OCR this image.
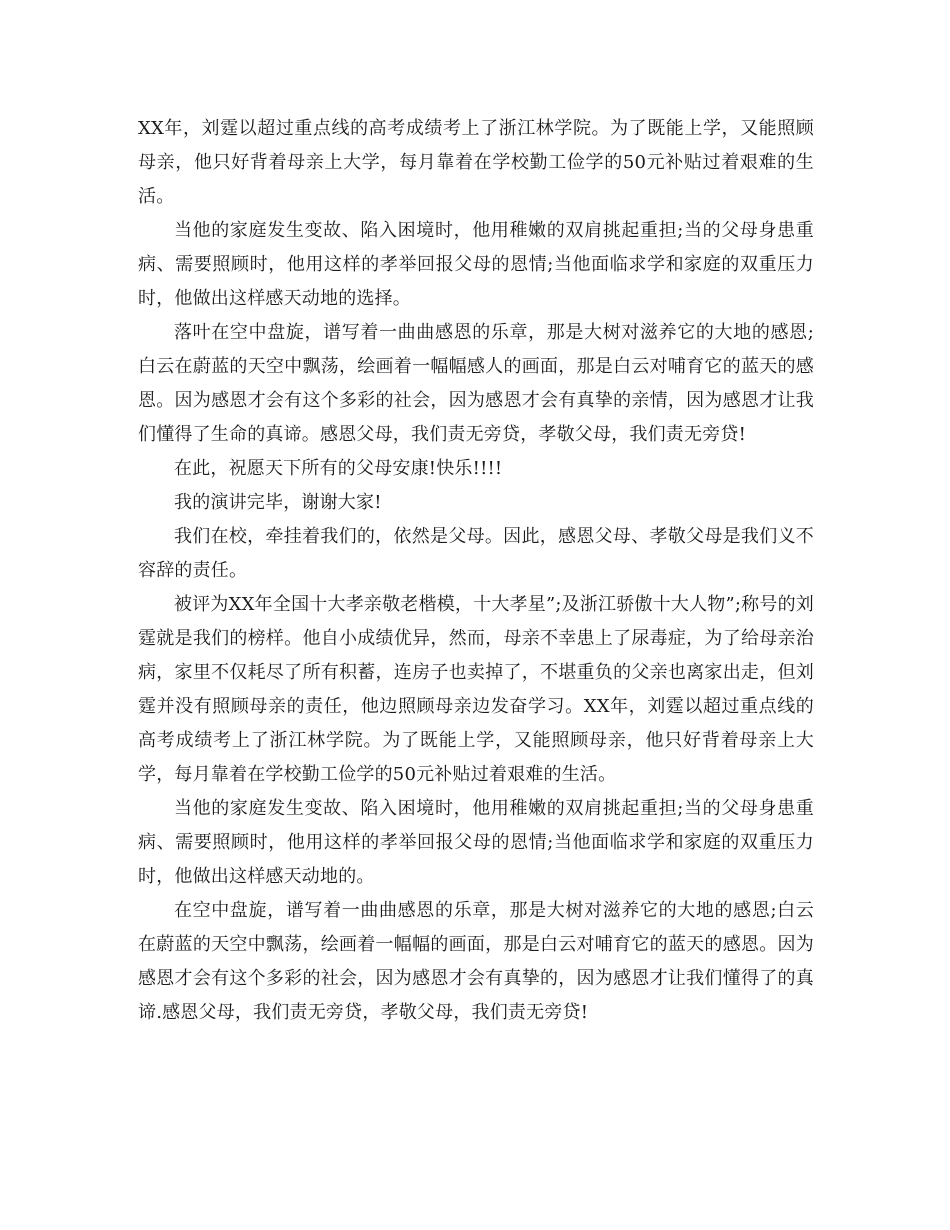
XX年，刘霆以超过重点线的高考成绩考上了浙江林学院。为了既能上学，又能照顾母亲，他只好背着母亲上大学，每月靠着在学校勤工俭学的50元补贴过着艰难的生活。

当他的家庭发生变故、陷入困境时，他用稚嫩的双肩挑起重担;当的父母身患重病、需要照顾时，他用这样的孝举回报父母的恩情;当他面临求学和家庭的双重压力时，他做出这样感天动地的选择。

落叶在空中盘旋，谱写着一曲曲感恩的乐章，那是大树对滋养它的大地的感恩;白云在蔚蓝的天空中飘荡，绘画着一幅幅感人的画面，那是白云对哺育它的蓝天的感恩。因为感恩才会有这个多彩的社会，因为感恩才会有真挚的亲情，因为感恩才让我们懂得了生命的真谛。感恩父母，我们责无旁贷，孝敬父母，我们责无旁贷!

在此，祝愿天下所有的父母安康!快乐!!!!

我的演讲完毕，谢谢大家!

我们在校，牵挂着我们的，依然是父母。因此，感恩父母、孝敬父母是我们义不容辞的责任。

被评为XX年全国十大孝亲敬老楷模，十大孝星”;及浙江骄傲十大人物”;称号的刘霆就是我们的榜样。他自小成绩优异，然而，母亲不幸患上了尿毒症，为了给母亲治病，家里不仅耗尽了所有积蓄，连房子也卖掉了，不堪重负的父亲也离家出走，但刘霆并没有照顾母亲的责任，他边照顾母亲边发奋学习。XX年，刘霆以超过重点线的高考成绩考上了浙江林学院。为了既能上学，又能照顾母亲，他只好背着母亲上大学，每月靠着在学校勤工俭学的50元补贴过着艰难的生活。

当他的家庭发生变故、陷入困境时，他用稚嫩的双肩挑起重担;当的父母身患重病、需要照顾时，他用这样的孝举回报父母的恩情;当他面临求学和家庭的双重压力时，他做出这样感天动地的。

在空中盘旋，谱写着一曲曲感恩的乐章，那是大树对滋养它的大地的感恩;白云在蔚蓝的天空中飘荡，绘画着一幅幅的画面，那是白云对哺育它的蓝天的感恩。因为感恩才会有这个多彩的社会，因为感恩才会有真挚的，因为感恩才让我们懂得了的真谛.感恩父母，我们责无旁贷，孝敬父母，我们责无旁贷!
